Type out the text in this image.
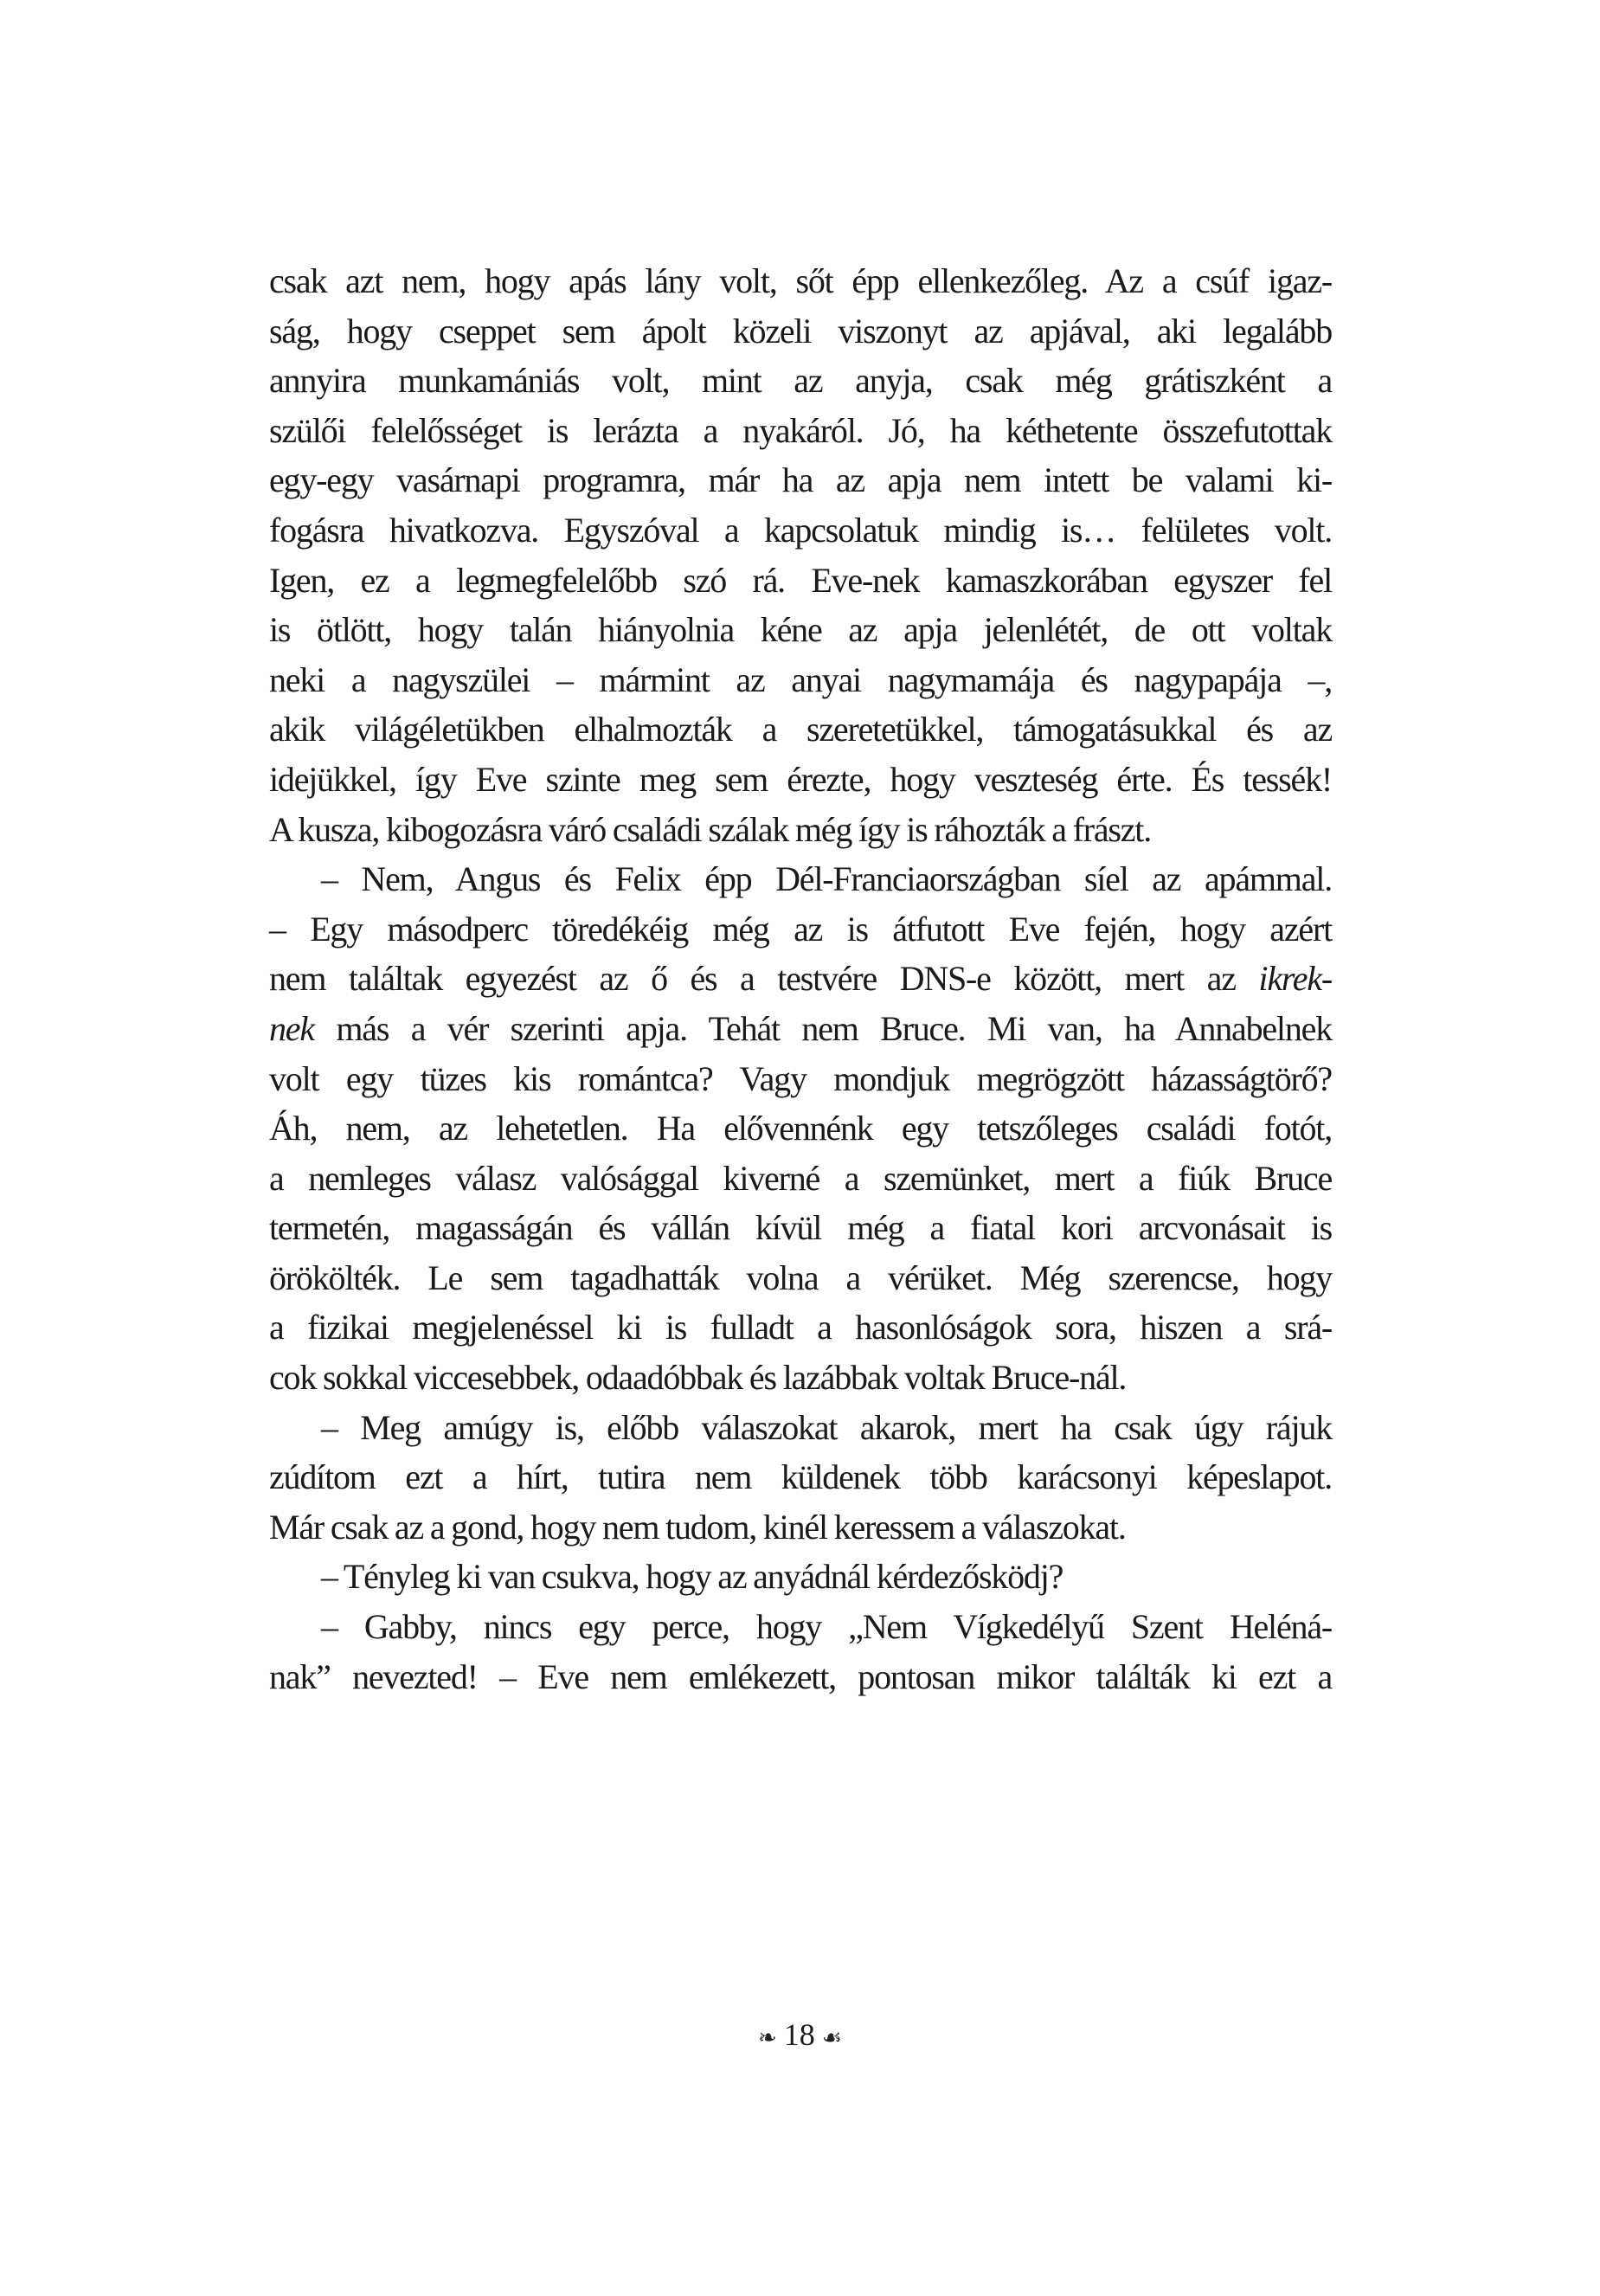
csak azt nem, hogy apás lány volt, sőt épp ellenkezőleg. Az a csúf igaz-
ság, hogy cseppet sem ápolt közeli viszonyt az apjával, aki legalább
annyira munkamániás volt, mint az anyja, csak még grátiszként a
szülői felelősséget is lerázta a nyakáról. Jó, ha kéthetente összefutottak
egy-egy vasárnapi programra, már ha az apja nem intett be valami ki-
fogásra hivatkozva. Egyszóval a kapcsolatuk mindig is… felületes volt.
Igen, ez a legmegfelelőbb szó rá. Eve-nek kamaszkorában egyszer fel
is ötlött, hogy talán hiányolnia kéne az apja jelenlétét, de ott voltak
neki a nagyszülei – mármint az anyai nagymamája és nagypapája –,
akik világéletükben elhalmozták a szeretetükkel, támogatásukkal és az
idejükkel, így Eve szinte meg sem érezte, hogy veszteség érte. És tessék!
A kusza, kibogozásra váró családi szálak még így is ráhozták a frászt.
– Nem, Angus és Felix épp Dél-Franciaországban síel az apámmal.
– Egy másodperc töredékéig még az is átfutott Eve fején, hogy azért
nem találtak egyezést az ő és a testvére DNS-e között, mert az ikrek-
nek más a vér szerinti apja. Tehát nem Bruce. Mi van, ha Annabelnek
volt egy tüzes kis romántca? Vagy mondjuk megrögzött házasságtörő?
Áh, nem, az lehetetlen. Ha elővennénk egy tetszőleges családi fotót,
a nemleges válasz valósággal kiverné a szemünket, mert a fiúk Bruce
termetén, magasságán és vállán kívül még a fiatal kori arcvonásait is
örökölték. Le sem tagadhatták volna a vérüket. Még szerencse, hogy
a fizikai megjelenéssel ki is fulladt a hasonlóságok sora, hiszen a srá-
cok sokkal viccesebbek, odaadóbbak és lazábbak voltak Bruce-nál.
– Meg amúgy is, előbb válaszokat akarok, mert ha csak úgy rájuk
zúdítom ezt a hírt, tutira nem küldenek több karácsonyi képeslapot.
Már csak az a gond, hogy nem tudom, kinél keressem a válaszokat.
– Tényleg ki van csukva, hogy az anyádnál kérdezősködj?
– Gabby, nincs egy perce, hogy „Nem Vígkedélyű Szent Heléná-
nak” nevezted! – Eve nem emlékezett, pontosan mikor találták ki ezt a
❧ 18 ☙
